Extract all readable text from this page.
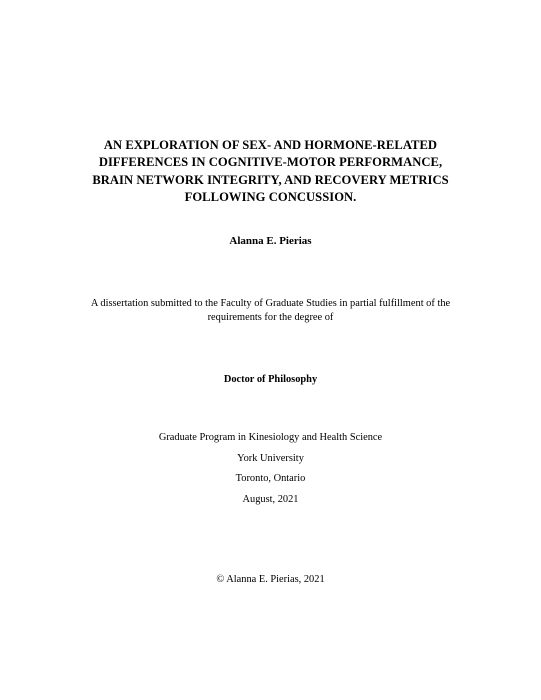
AN EXPLORATION OF SEX- AND HORMONE-RELATED
DIFFERENCES IN COGNITIVE-MOTOR PERFORMANCE,
BRAIN NETWORK INTEGRITY, AND RECOVERY METRICS
FOLLOWING CONCUSSION.
Alanna E. Pierias
A dissertation submitted to the Faculty of Graduate Studies in partial fulfillment of the
requirements for the degree of
Doctor of Philosophy
Graduate Program in Kinesiology and Health Science
York University
Toronto, Ontario
August, 2021
© Alanna E. Pierias, 2021
